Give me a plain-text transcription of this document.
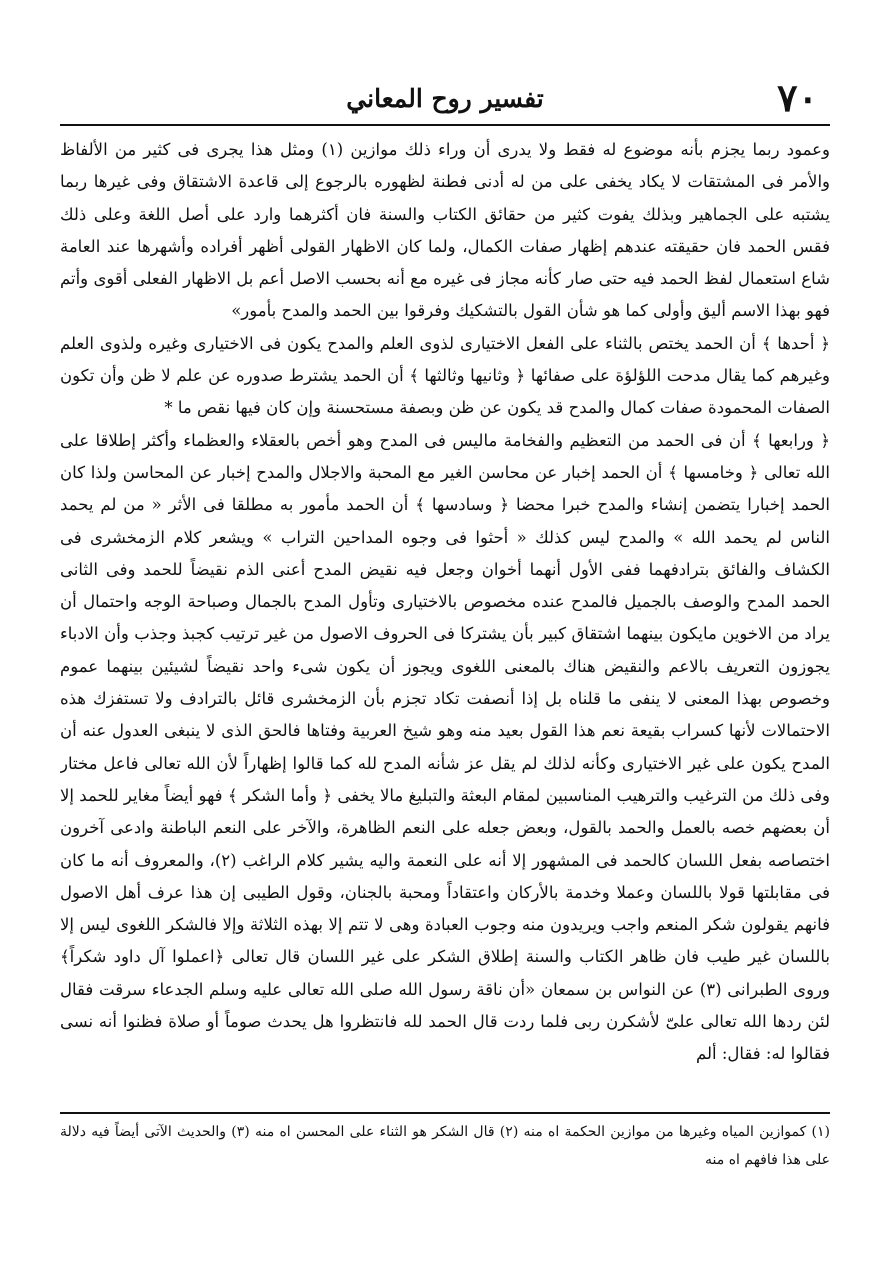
٧٠
تفسير روح المعاني

وعمود ربما يجزم بأنه موضوع له فقط ولا يدرى أن وراء ذلك موازين (١) ومثل هذا يجرى فى كثير من الألفاظ والأمر فى المشتقات لا يكاد يخفى على من له أدنى فطنة لظهوره بالرجوع إلى قاعدة الاشتقاق وفى غيرها ربما يشتبه على الجماهير وبذلك يفوت كثير من حقائق الكتاب والسنة فان أكثرهما وارد على أصل اللغة وعلى ذلك فقس الحمد فان حقيقته عندهم إظهار صفات الكمال، ولما كان الاظهار القولى أظهر أفراده وأشهرها عند العامة شاع استعمال لفظ الحمد فيه حتى صار كأنه مجاز فى غيره مع أنه بحسب الاصل أعم بل الاظهار الفعلى أقوى وأتم فهو بهذا الاسم أليق وأولى كما هو شأن القول بالتشكيك وفرقوا بين الحمد والمدح بأمور»

﴿ أحدها ﴾ أن الحمد يختص بالثناء على الفعل الاختيارى لذوى العلم والمدح يكون فى الاختيارى وغيره ولذوى العلم وغيرهم كما يقال مدحت اللؤلؤة على صفائها ﴿ وثانيها وثالثها ﴾ أن الحمد يشترط صدوره عن علم لا ظن وأن تكون الصفات المحمودة صفات كمال والمدح قد يكون عن ظن وبصفة مستحسنة وإن كان فيها نقص ما *

﴿ ورابعها ﴾ أن فى الحمد من التعظيم والفخامة ماليس فى المدح وهو أخص بالعقلاء والعظماء وأكثر إطلاقا على الله تعالى ﴿ وخامسها ﴾ أن الحمد إخبار عن محاسن الغير مع المحبة والاجلال والمدح إخبار عن المحاسن ولذا كان الحمد إخبارا يتضمن إنشاء والمدح خبرا محضا ﴿ وسادسها ﴾ أن الحمد مأمور به مطلقا فى الأثر « من لم يحمد الناس لم يحمد الله » والمدح ليس كذلك « أحثوا فى وجوه المداحين التراب » ويشعر كلام الزمخشرى فى الكشاف والفائق بترادفهما ففى الأول أنهما أخوان وجعل فيه نقيض المدح أعنى الذم نقيضاً للحمد وفى الثانى الحمد المدح والوصف بالجميل فالمدح عنده مخصوص بالاختيارى وتأول المدح بالجمال وصباحة الوجه واحتمال أن يراد من الاخوين مايكون بينهما اشتقاق كبير بأن يشتركا فى الحروف الاصول من غير ترتيب كجبذ وجذب وأن الادباء يجوزون التعريف بالاعم والنقيض هناك بالمعنى اللغوى ويجوز أن يكون شىء واحد نقيضاً لشيئين بينهما عموم وخصوص بهذا المعنى لا ينفى ما قلناه بل إذا أنصفت تكاد تجزم بأن الزمخشرى قائل بالترادف ولا تستفزك هذه الاحتمالات لأنها كسراب بقيعة نعم هذا القول بعيد منه وهو شيخ العربية وفتاها فالحق الذى لا ينبغى العدول عنه أن المدح يكون على غير الاختيارى وكأنه لذلك لم يقل عز شأنه المدح لله كما قالوا إظهاراً لأن الله تعالى فاعل مختار وفى ذلك من الترغيب والترهيب المناسبين لمقام البعثة والتبليغ مالا يخفى ﴿ وأما الشكر ﴾ فهو أيضاً مغاير للحمد إلا أن بعضهم خصه بالعمل والحمد بالقول، وبعض جعله على النعم الظاهرة، والآخر على النعم الباطنة وادعى آخرون اختصاصه بفعل اللسان كالحمد فى المشهور إلا أنه على النعمة واليه يشير كلام الراغب (٢)، والمعروف أنه ما كان فى مقابلتها قولا باللسان وعملا وخدمة بالأركان واعتقاداً ومحبة بالجنان، وقول الطيبى إن هذا عرف أهل الاصول فانهم يقولون شكر المنعم واجب ويريدون منه وجوب العبادة وهى لا تتم إلا بهذه الثلاثة وإلا فالشكر اللغوى ليس إلا باللسان غير طيب فان ظاهر الكتاب والسنة إطلاق الشكر على غير اللسان قال تعالى ﴿اعملوا آل داود شكراً﴾ وروى الطبرانى (٣) عن النواس بن سمعان «أن ناقة رسول الله صلى الله تعالى عليه وسلم الجدعاء سرقت فقال لئن ردها الله تعالى علىّ لأشكرن ربى فلما ردت قال الحمد لله فانتظروا هل يحدث صوماً أو صلاة فظنوا أنه نسى فقالوا له: فقال: ألم

(١) كموازين المياه وغيرها من موازين الحكمة اه منه (٢) قال الشكر هو الثناء على المحسن اه منه (٣) والحديث الآتى أيضاً فيه دلالة على هذا فافهم اه منه
